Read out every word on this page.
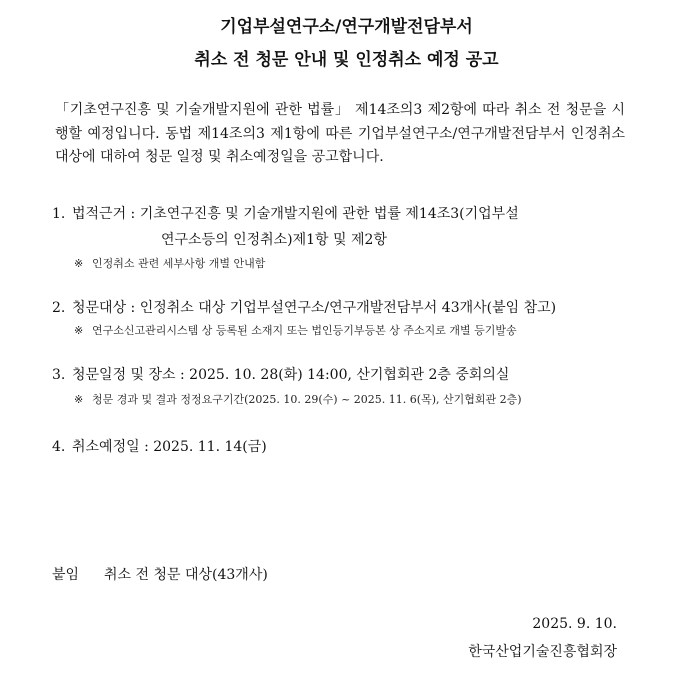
기업부설연구소/연구개발전담부서
취소 전 청문 안내 및 인정취소 예정 공고

「기초연구진흥 및 기술개발지원에 관한 법률」 제14조의3 제2항에 따라 취소 전 청문을 시행할 예정입니다. 동법 제14조의3 제1항에 따른 기업부설연구소/연구개발전담부서 인정취소 대상에 대하여 청문 일정 및 취소예정일을 공고합니다.

1. 법적근거 : 기초연구진흥 및 기술개발지원에 관한 법률 제14조3(기업부설
연구소등의 인정취소)제1항 및 제2항
※ 인정취소 관련 세부사항 개별 안내함
2. 청문대상 : 인정취소 대상 기업부설연구소/연구개발전담부서 43개사(붙임 참고)
※ 연구소신고관리시스템 상 등록된 소재지 또는 법인등기부등본 상 주소지로 개별 등기발송
3. 청문일정 및 장소 : 2025. 10. 28(화) 14:00, 산기협회관 2층 중회의실
※ 청문 경과 및 결과 정정요구기간(2025. 10. 29(수) ~ 2025. 11. 6(목), 산기협회관 2층)
4. 취소예정일 : 2025. 11. 14(금)
붙임 취소 전 청문 대상(43개사)
2025. 9. 10.
한국산업기술진흥협회장
